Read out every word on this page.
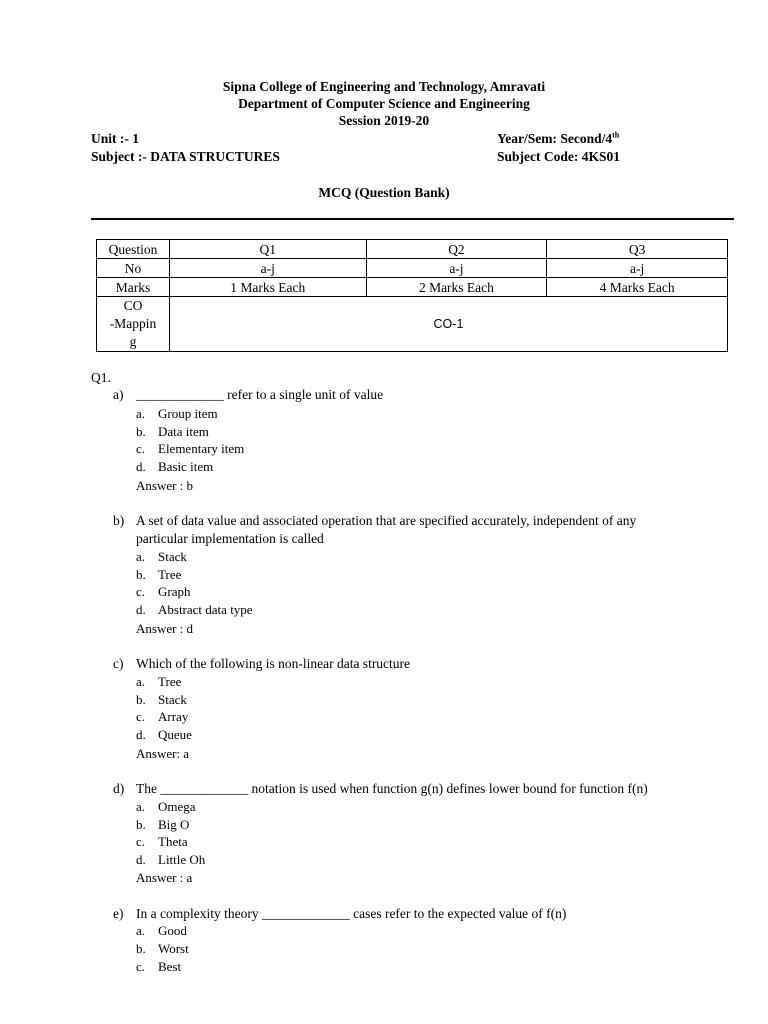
Sipna College of Engineering and Technology, Amravati
Department of Computer Science and Engineering
Session 2019-20
Unit :- 1	Year/Sem: Second/4th
Subject :- DATA STRUCTURES	Subject Code: 4KS01
MCQ (Question Bank)
Question	Q1	Q2	Q3
No	a-j	a-j	a-j
Marks	1 Marks Each	2 Marks Each	4 Marks Each

CO
-Mappin
g	CO-1		
Q1.
a) _____________ refer to a single unit of value
a. Group item
b. Data item
c. Elementary item
d. Basic item
Answer : b
b) A set of data value and associated operation that are specified accurately, independent of any
particular implementation is called
a. Stack
b. Tree
c. Graph
d. Abstract data type
Answer : d
c) Which of the following is non-linear data structure
a. Tree
b. Stack
c. Array
d. Queue
Answer: a
d) The _____________ notation is used when function g(n) defines lower bound for function f(n)
a. Omega
b. Big O
c. Theta
d. Little Oh
Answer : a
e) In a complexity theory _____________ cases refer to the expected value of f(n)
a. Good
b. Worst
c. Best
